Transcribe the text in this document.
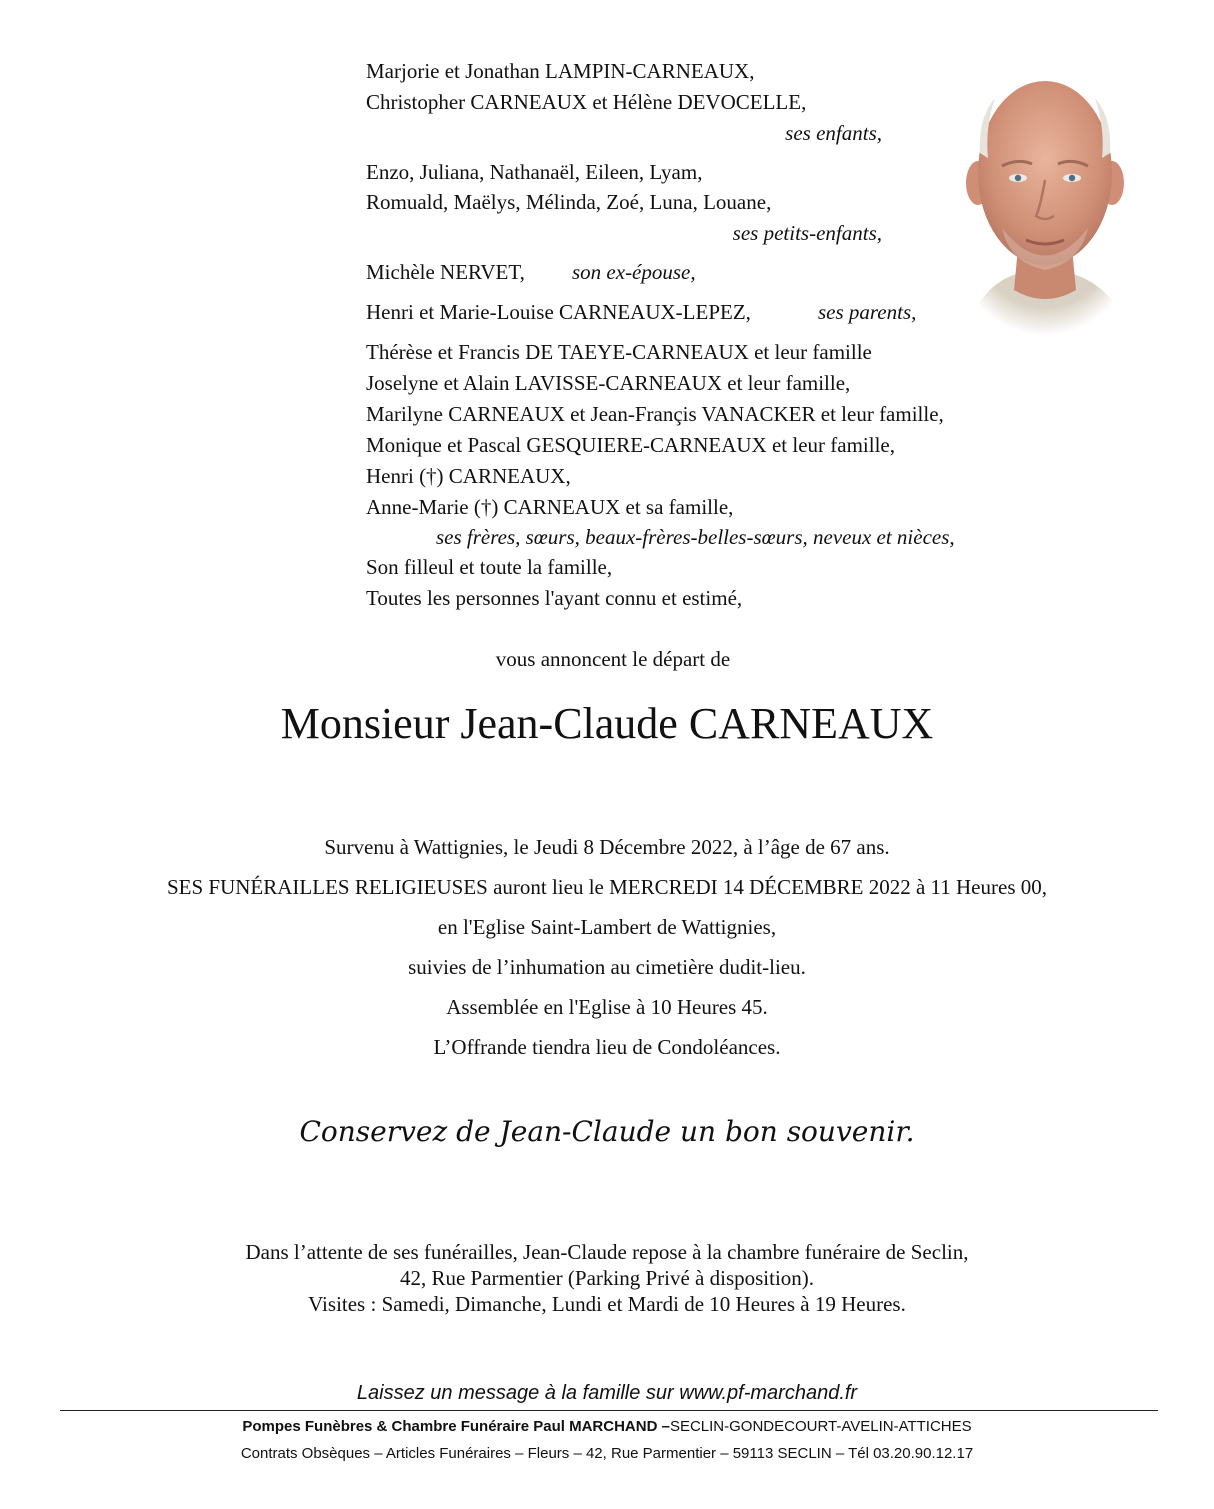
Marjorie et Jonathan LAMPIN-CARNEAUX,
Christopher CARNEAUX et Hélène DEVOCELLE,
ses enfants,
Enzo, Juliana, Nathanaël, Eileen, Lyam,
Romuald, Maëlys, Mélinda, Zoé, Luna, Louane,
ses petits-enfants,
Michèle NERVET, son ex-épouse,
Henri et Marie-Louise CARNEAUX-LEPEZ,	ses parents,
Thérèse et Francis DE TAEYE-CARNEAUX et leur famille
Joselyne et Alain LAVISSE-CARNEAUX et leur famille,
Marilyne CARNEAUX et Jean-Françis VANACKER et leur famille,
Monique et Pascal GESQUIERE-CARNEAUX et leur famille,
Henri (†) CARNEAUX,
Anne-Marie (†) CARNEAUX et sa famille,
ses frères, sœurs, beaux-frères-belles-sœurs, neveux et nièces,
Son filleul et toute la famille,
Toutes les personnes l'ayant connu et estimé,
vous annoncent le départ de
Monsieur Jean-Claude CARNEAUX
Survenu à Wattignies, le Jeudi 8 Décembre 2022, à l’âge de 67 ans.
SES FUNÉRAILLES RELIGIEUSES auront lieu le MERCREDI 14 DÉCEMBRE 2022 à 11 Heures 00,
en l'Eglise Saint-Lambert de Wattignies,
suivies de l’inhumation au cimetière dudit-lieu.
Assemblée en l'Eglise à 10 Heures 45.
L’Offrande tiendra lieu de Condoléances.
Conservez de Jean-Claude un bon souvenir.
Dans l’attente de ses funérailles, Jean-Claude repose à la chambre funéraire de Seclin,
42, Rue Parmentier (Parking Privé à disposition).
Visites : Samedi, Dimanche, Lundi et Mardi de 10 Heures à 19 Heures.
Laissez un message à la famille sur www.pf-marchand.fr
Pompes Funèbres & Chambre Funéraire Paul MARCHAND –SECLIN-GONDECOURT-AVELIN-ATTICHES
Contrats Obsèques – Articles Funéraires – Fleurs – 42, Rue Parmentier – 59113 SECLIN – Tél 03.20.90.12.17
